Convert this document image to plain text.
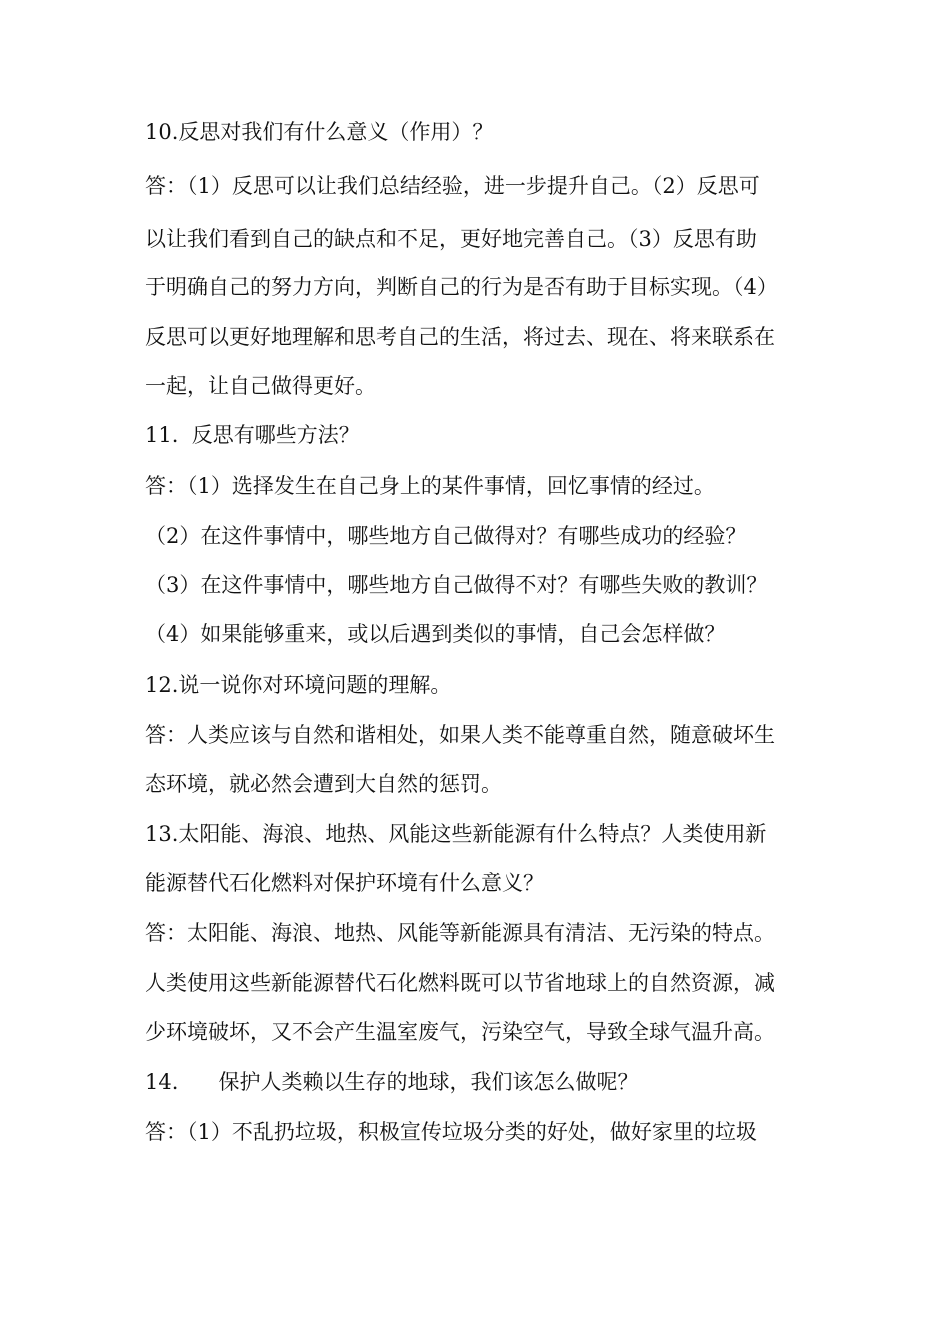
10.反思对我们有什么意义（作用）？
答：（1）反思可以让我们总结经验，进一步提升自己。（2）反思可
以让我们看到自己的缺点和不足，更好地完善自己。（3）反思有助
于明确自己的努力方向，判断自己的行为是否有助于目标实现。（4）
反思可以更好地理解和思考自己的生活，将过去、现在、将来联系在
一起，让自己做得更好。
11.  反思有哪些方法？
答：（1）选择发生在自己身上的某件事情，回忆事情的经过。
（2）在这件事情中，哪些地方自己做得对？有哪些成功的经验？
（3）在这件事情中，哪些地方自己做得不对？有哪些失败的教训？
（4）如果能够重来，或以后遇到类似的事情，自己会怎样做？
12.说一说你对环境问题的理解。
答：人类应该与自然和谐相处，如果人类不能尊重自然，随意破坏生
态环境，就必然会遭到大自然的惩罚。
13.太阳能、海浪、地热、风能这些新能源有什么特点？人类使用新
能源替代石化燃料对保护环境有什么意义？
答：太阳能、海浪、地热、风能等新能源具有清洁、无污染的特点。
人类使用这些新能源替代石化燃料既可以节省地球上的自然资源，减
少环境破坏，又不会产生温室废气，污染空气，导致全球气温升高。
14.      保护人类赖以生存的地球，我们该怎么做呢？
答：（1）不乱扔垃圾，积极宣传垃圾分类的好处，做好家里的垃圾
